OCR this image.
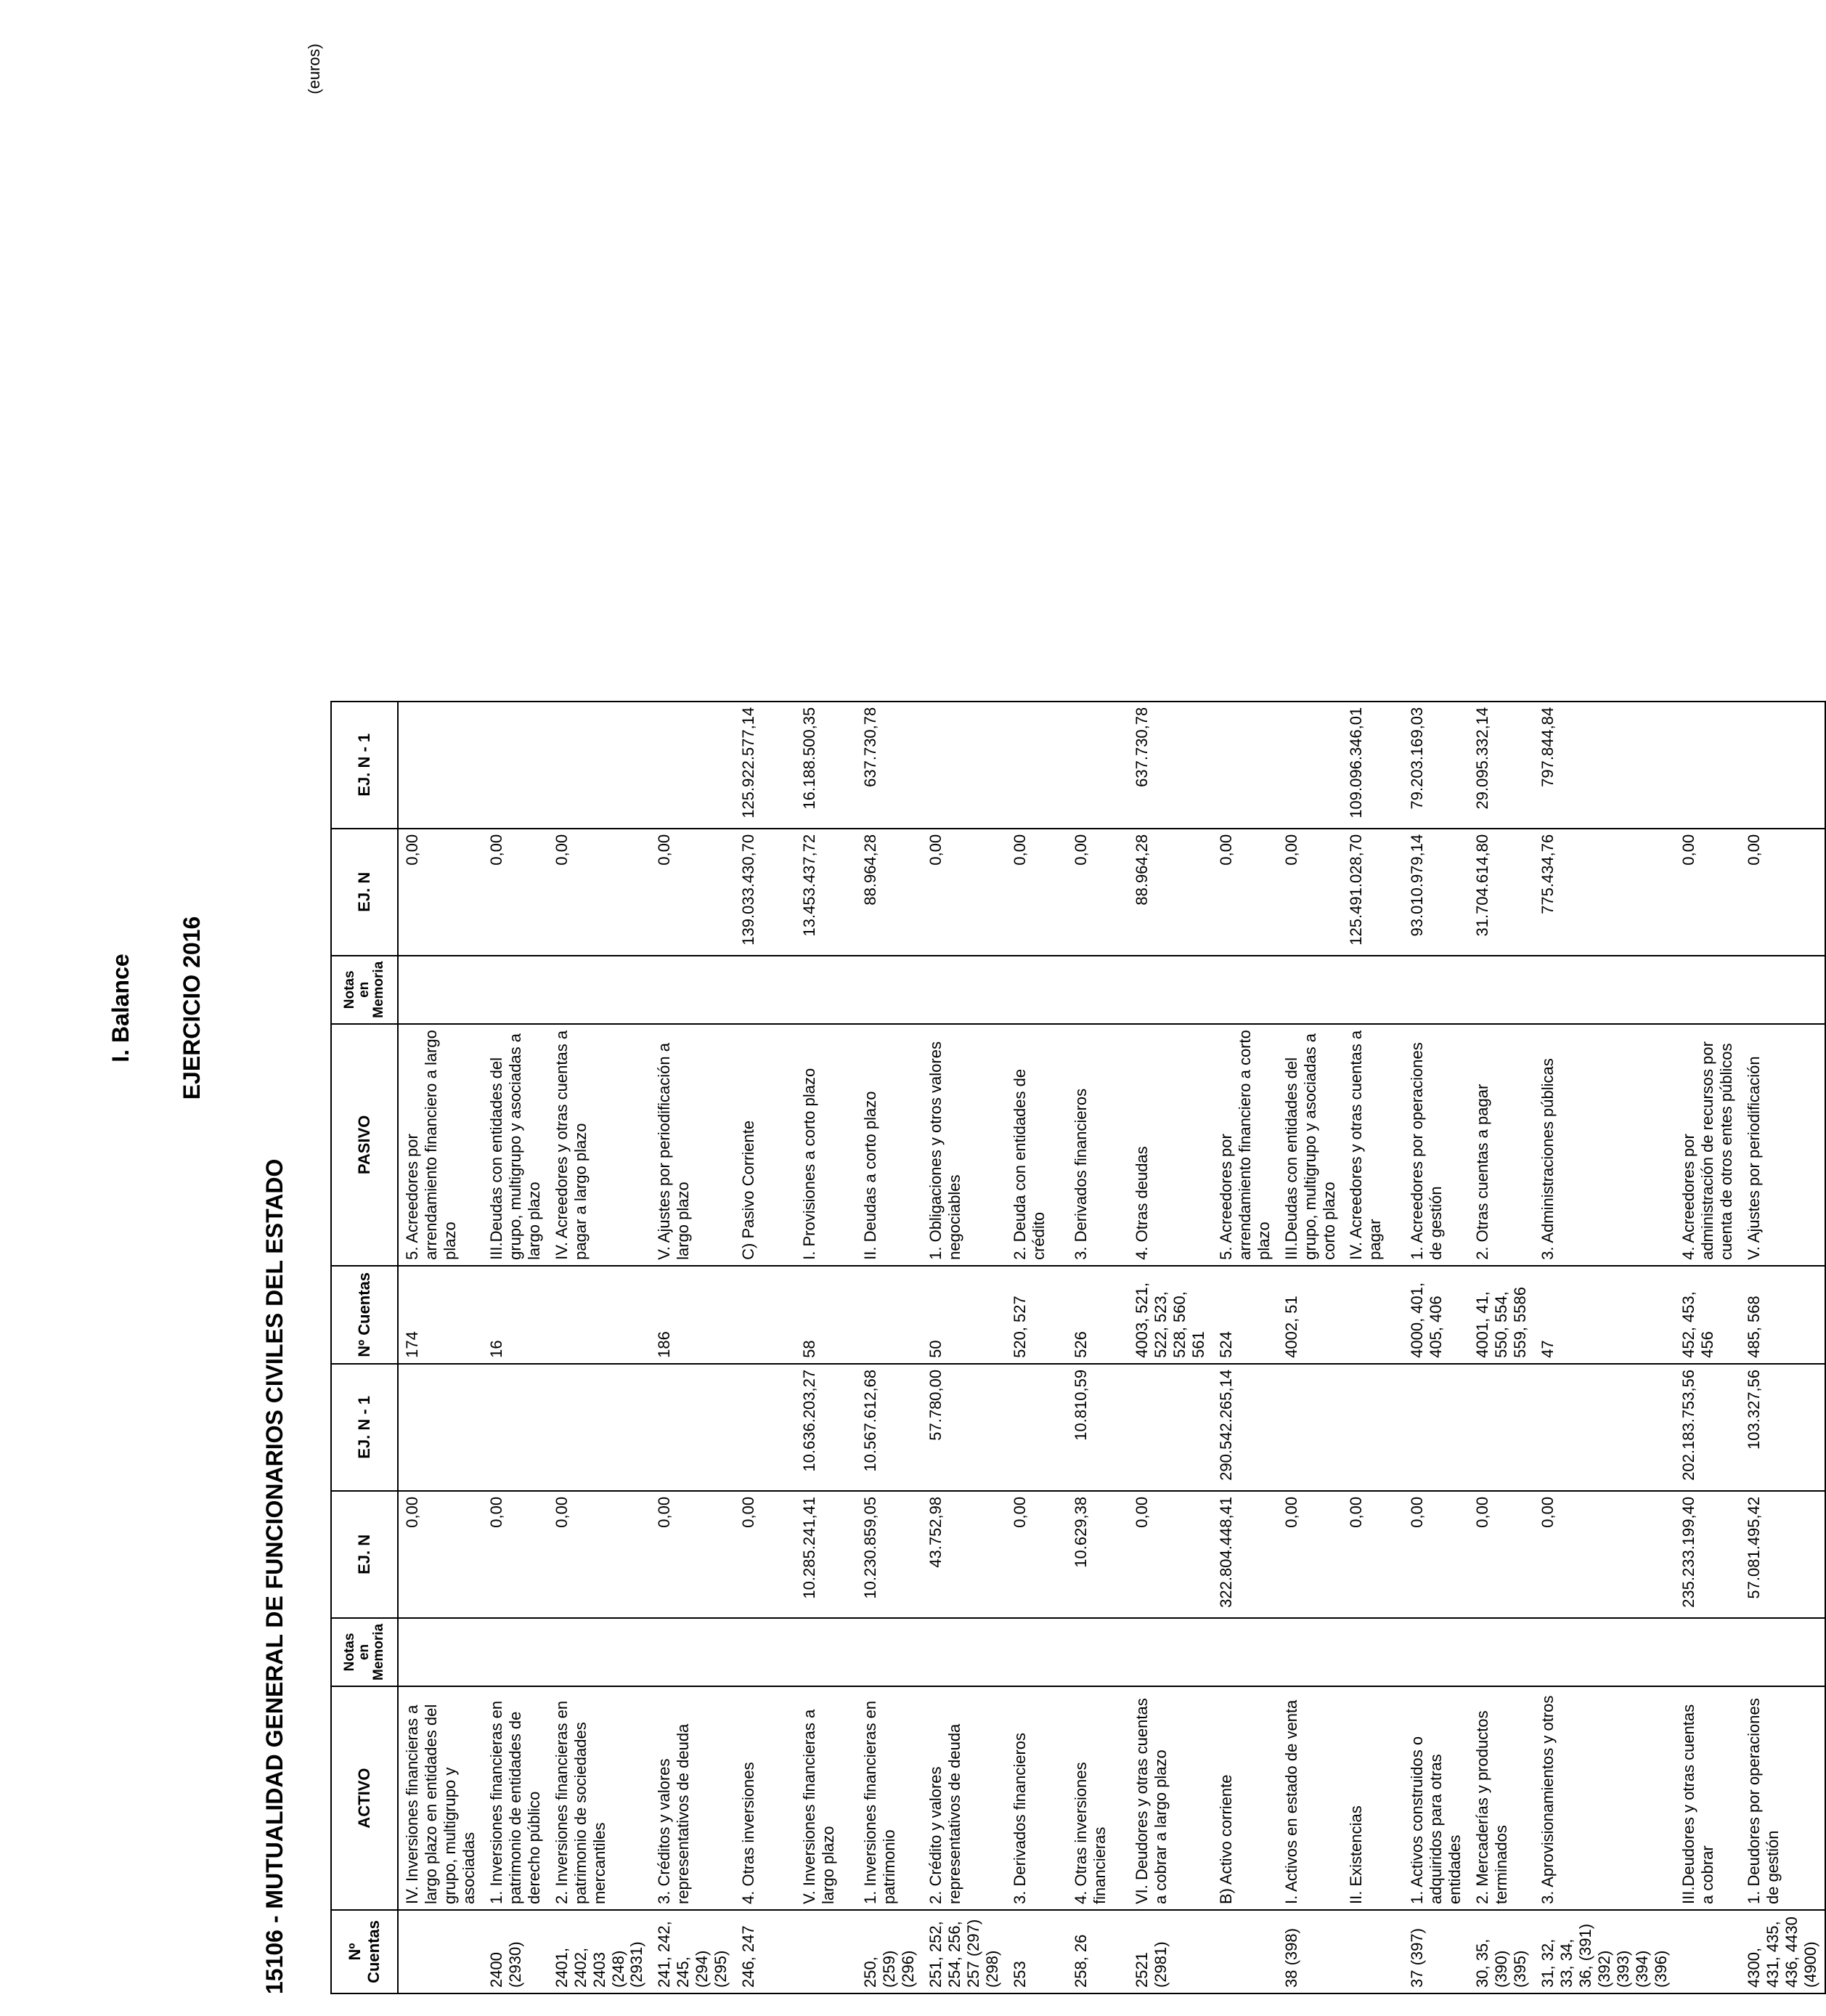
I. Balance EJERCICIO 2016
15106 - MUTUALIDAD GENERAL DE FUNCIONARIOS CIVILES DEL ESTADO
(euros)
Nº Cuentas	ACTIVO	Notas en Memoria	EJ. N	EJ. N - 1	Nº Cuentas	PASIVO	Notas en Memoria	EJ. N	EJ. N - 1
	IV. Inversiones financieras a largo plazo en entidades del grupo, multigrupo y asociadas		0,00		174	5. Acreedores por arrendamiento financiero a largo plazo		0,00	
2400 (2930)	1. Inversiones financieras en patrimonio de entidades de derecho público		0,00		16	III.Deudas con entidades del grupo, multigrupo y asociadas a largo plazo		0,00	
2401, 2402, 2403 (248) (2931)	2. Inversiones financieras en patrimonio de sociedades mercantiles		0,00			IV. Acreedores y otras cuentas a pagar a largo plazo		0,00	
241, 242, 245, (294) (295)	3. Créditos y valores representativos de deuda		0,00		186	V. Ajustes por periodificación a largo plazo		0,00	
246, 247	4. Otras inversiones		0,00			C) Pasivo Corriente		139.033.430,70	125.922.577,14
	V. Inversiones financieras a largo plazo		10.285.241,41	10.636.203,27	58	I. Provisiones a corto plazo		13.453.437,72	16.188.500,35
250, (259) (296)	1. Inversiones financieras en patrimonio		10.230.859,05	10.567.612,68		II. Deudas a corto plazo		88.964,28	637.730,78
251, 252, 254, 256, 257 (297) (298)	2. Crédito y valores representativos de deuda		43.752,98	57.780,00	50	1. Obligaciones y otros valores negociables		0,00	
253	3. Derivados financieros		0,00		520, 527	2. Deuda con entidades de crédito		0,00	
258, 26	4. Otras inversiones financieras		10.629,38	10.810,59	526	3. Derivados financieros		0,00	
2521 (2981)	VI. Deudores y otras cuentas a cobrar a largo plazo		0,00		4003, 521, 522, 523, 528, 560, 561	4. Otras deudas		88.964,28	637.730,78
	B) Activo corriente		322.804.448,41	290.542.265,14	524	5. Acreedores por arrendamiento financiero a corto plazo		0,00	
38 (398)	I. Activos en estado de venta		0,00		4002, 51	III.Deudas con entidades del grupo, multigrupo y asociadas a corto plazo		0,00	
	II. Existencias		0,00			IV. Acreedores y otras cuentas a pagar		125.491.028,70	109.096.346,01
37 (397)	1. Activos construidos o adquiridos para otras entidades		0,00		4000, 401, 405, 406	1. Acreedores por operaciones de gestión		93.010.979,14	79.203.169,03
30, 35, (390) (395)	2. Mercaderías y productos terminados		0,00		4001, 41, 550, 554, 559, 5586	2. Otras cuentas a pagar		31.704.614,80	29.095.332,14
31, 32, 33, 34, 36, (391) (392) (393) (394) (396)	3. Aprovisionamientos y otros		0,00		47	3. Administraciones públicas		775.434,76	797.844,84
	III.Deudores y otras cuentas a cobrar		235.233.199,40	202.183.753,56	452, 453, 456	4. Acreedores por administración de recursos por cuenta de otros entes públicos		0,00	
4300, 431, 435, 436, 4430 (4900)	1. Deudores por operaciones de gestión		57.081.495,42	103.327,56	485, 568	V. Ajustes por periodificación		0,00	
